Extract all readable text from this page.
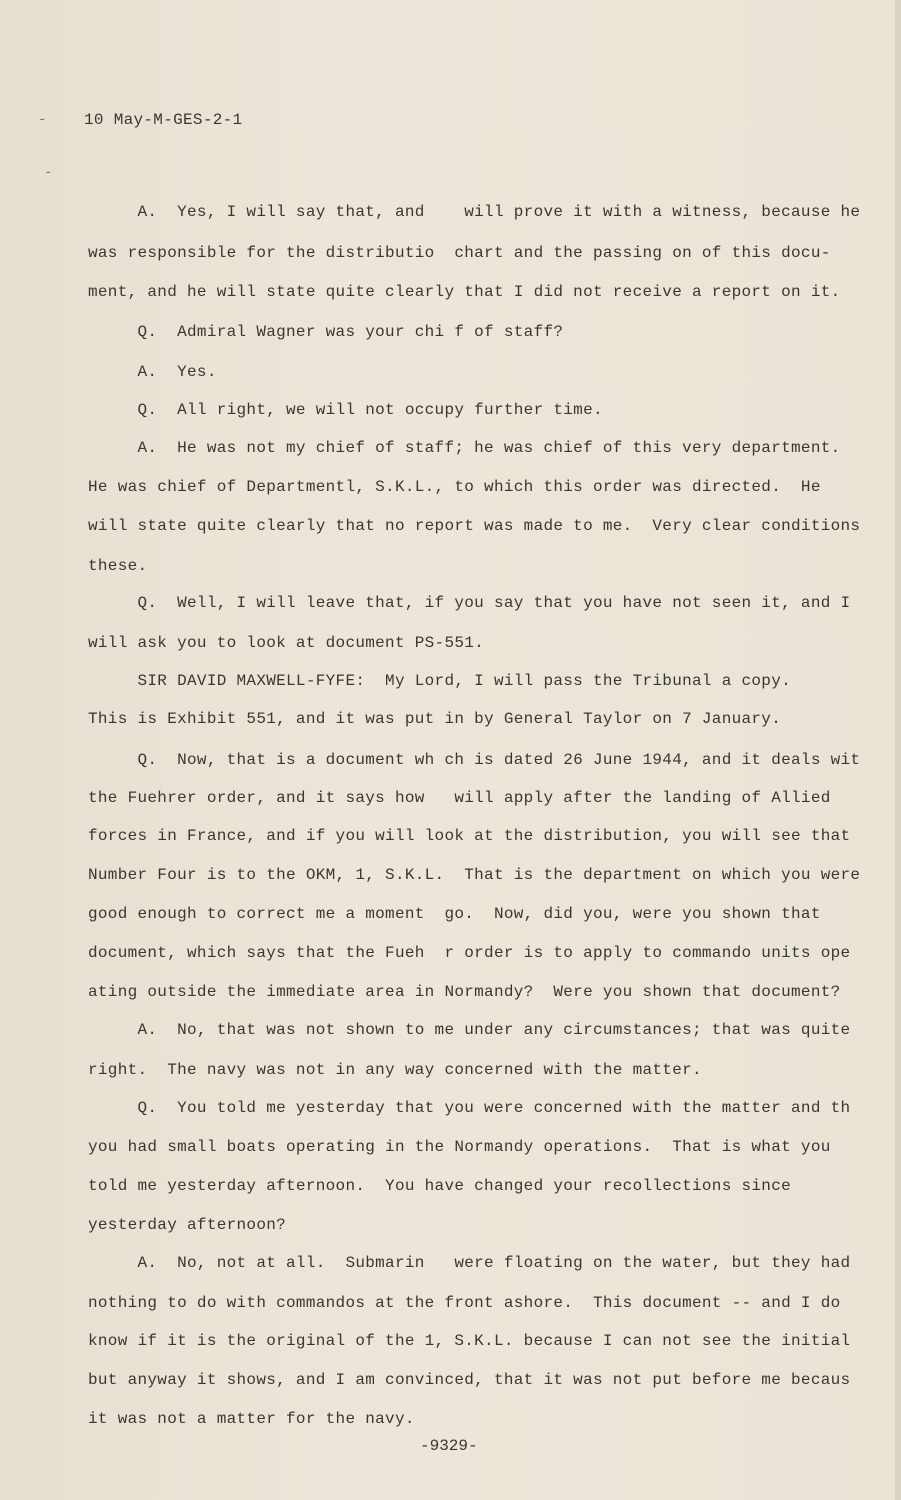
-
-
10 May-M-GES-2-1
A.  Yes, I will say that, and    will prove it with a witness, because he
was responsible for the distributio  chart and the passing on of this docu-
ment, and he will state quite clearly that I did not receive a report on it.
Q.  Admiral Wagner was your chi f of staff?
A.  Yes.
Q.  All right, we will not occupy further time.
A.  He was not my chief of staff; he was chief of this very department.
He was chief of Departmentl, S.K.L., to which this order was directed.  He
will state quite clearly that no report was made to me.  Very clear conditions
these.
Q.  Well, I will leave that, if you say that you have not seen it, and I
will ask you to look at document PS-551.
SIR DAVID MAXWELL-FYFE:  My Lord, I will pass the Tribunal a copy.
This is Exhibit 551, and it was put in by General Taylor on 7 January.
Q.  Now, that is a document wh ch is dated 26 June 1944, and it deals wit
the Fuehrer order, and it says how   will apply after the landing of Allied
forces in France, and if you will look at the distribution, you will see that
Number Four is to the OKM, 1, S.K.L.  That is the department on which you were
good enough to correct me a moment  go.  Now, did you, were you shown that
document, which says that the Fueh  r order is to apply to commando units ope
ating outside the immediate area in Normandy?  Were you shown that document?
A.  No, that was not shown to me under any circumstances; that was quite
right.  The navy was not in any way concerned with the matter.
Q.  You told me yesterday that you were concerned with the matter and th
you had small boats operating in the Normandy operations.  That is what you
told me yesterday afternoon.  You have changed your recollections since
yesterday afternoon?
A.  No, not at all.  Submarin   were floating on the water, but they had
nothing to do with commandos at the front ashore.  This document -- and I do
know if it is the original of the 1, S.K.L. because I can not see the initial
but anyway it shows, and I am convinced, that it was not put before me becaus
it was not a matter for the navy.
-9329-
